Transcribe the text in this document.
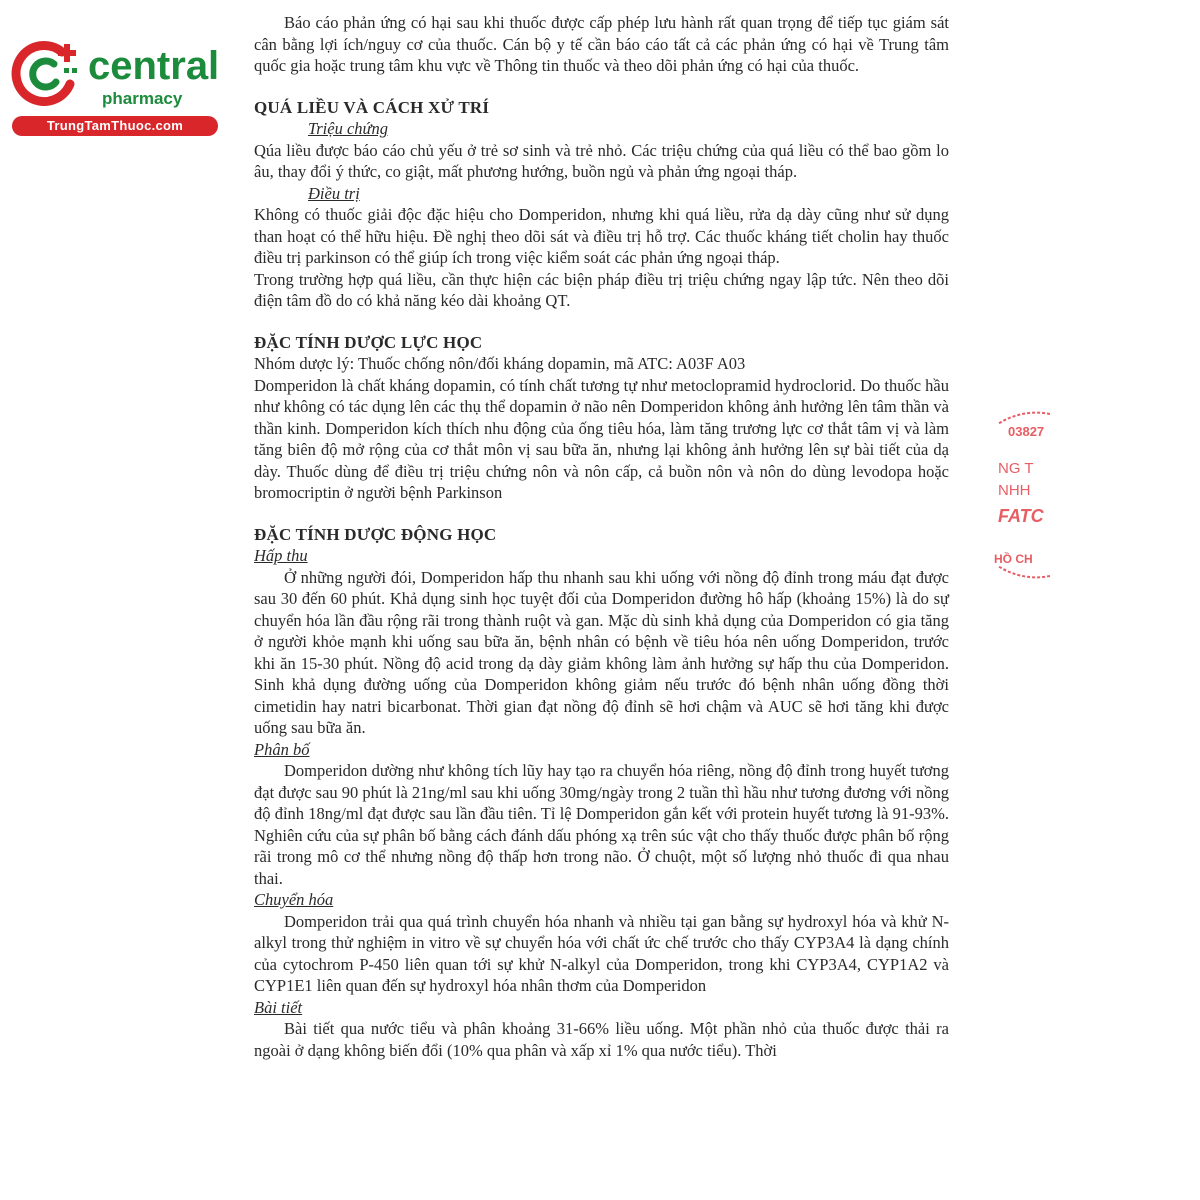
central
pharmacy
TrungTamThuoc.com

Báo cáo phản ứng có hại sau khi thuốc được cấp phép lưu hành rất quan trọng để tiếp tục giám sát cân bằng lợi ích/nguy cơ của thuốc. Cán bộ y tế cần báo cáo tất cả các phản ứng có hại về Trung tâm quốc gia hoặc trung tâm khu vực về Thông tin thuốc và theo dõi phản ứng có hại của thuốc.

QUÁ LIỀU VÀ CÁCH XỬ TRÍ
Triệu chứng

Qúa liều được báo cáo chủ yếu ở trẻ sơ sinh và trẻ nhỏ. Các triệu chứng của quá liều có thể bao gồm lo âu, thay đổi ý thức, co giật, mất phương hướng, buồn ngủ và phản ứng ngoại tháp.

Điều trị

Không có thuốc giải độc đặc hiệu cho Domperidon, nhưng khi quá liều, rửa dạ dày cũng như sử dụng than hoạt có thể hữu hiệu. Đề nghị theo dõi sát và điều trị hỗ trợ. Các thuốc kháng tiết cholin hay thuốc điều trị parkinson có thể giúp ích trong việc kiểm soát các phản ứng ngoại tháp.

Trong trường hợp quá liều, cần thực hiện các biện pháp điều trị triệu chứng ngay lập tức. Nên theo dõi điện tâm đồ do có khả năng kéo dài khoảng QT.

ĐẶC TÍNH DƯỢC LỰC HỌC

Nhóm dược lý: Thuốc chống nôn/đối kháng dopamin, mã ATC: A03F A03

Domperidon là chất kháng dopamin, có tính chất tương tự như metoclopramid hydroclorid. Do thuốc hầu như không có tác dụng lên các thụ thể dopamin ở não nên Domperidon không ảnh hưởng lên tâm thần và thần kinh. Domperidon kích thích nhu động của ống tiêu hóa, làm tăng trương lực cơ thắt tâm vị và làm tăng biên độ mở rộng của cơ thắt môn vị sau bữa ăn, nhưng lại không ảnh hưởng lên sự bài tiết của dạ dày. Thuốc dùng để điều trị triệu chứng nôn và nôn cấp, cả buồn nôn và nôn do dùng levodopa hoặc bromocriptin ở người bệnh Parkinson

ĐẶC TÍNH DƯỢC ĐỘNG HỌC
Hấp thu

Ở những người đói, Domperidon hấp thu nhanh sau khi uống với nồng độ đỉnh trong máu đạt được sau 30 đến 60 phút. Khả dụng sinh học tuyệt đối của Domperidon đường hô hấp (khoảng 15%) là do sự chuyển hóa lần đầu rộng rãi trong thành ruột và gan. Mặc dù sinh khả dụng của Domperidon có gia tăng ở người khỏe mạnh khi uống sau bữa ăn, bệnh nhân có bệnh về tiêu hóa nên uống Domperidon, trước khi ăn 15-30 phút. Nồng độ acid trong dạ dày giảm không làm ảnh hưởng sự hấp thu của Domperidon. Sinh khả dụng đường uống của Domperidon không giảm nếu trước đó bệnh nhân uống đồng thời cimetidin hay natri bicarbonat. Thời gian đạt nồng độ đỉnh sẽ hơi chậm và AUC sẽ hơi tăng khi được uống sau bữa ăn.

Phân bố

Domperidon dường như không tích lũy hay tạo ra chuyển hóa riêng, nồng độ đỉnh trong huyết tương đạt được sau 90 phút là 21ng/ml sau khi uống 30mg/ngày trong 2 tuần thì hầu như tương đương với nồng độ đỉnh 18ng/ml đạt được sau lần đầu tiên. Tỉ lệ Domperidon gắn kết với protein huyết tương là 91-93%. Nghiên cứu của sự phân bố bằng cách đánh dấu phóng xạ trên súc vật cho thấy thuốc được phân bố rộng rãi trong mô cơ thể nhưng nồng độ thấp hơn trong não. Ở chuột, một số lượng nhỏ thuốc đi qua nhau thai.

Chuyển hóa

Domperidon trải qua quá trình chuyển hóa nhanh và nhiều tại gan bằng sự hydroxyl hóa và khử N-alkyl trong thử nghiệm in vitro về sự chuyển hóa với chất ức chế trước cho thấy CYP3A4 là dạng chính của cytochrom P-450 liên quan tới sự khử N-alkyl của Domperidon, trong khi CYP3A4, CYP1A2 và CYP1E1 liên quan đến sự hydroxyl hóa nhân thơm của Domperidon

Bài tiết

Bài tiết qua nước tiểu và phân khoảng 31-66% liều uống. Một phần nhỏ của thuốc được thải ra ngoài ở dạng không biến đổi (10% qua phân và xấp xỉ 1% qua nước tiểu). Thời

03827
NG T
NHH
FATC
HỒ CH
